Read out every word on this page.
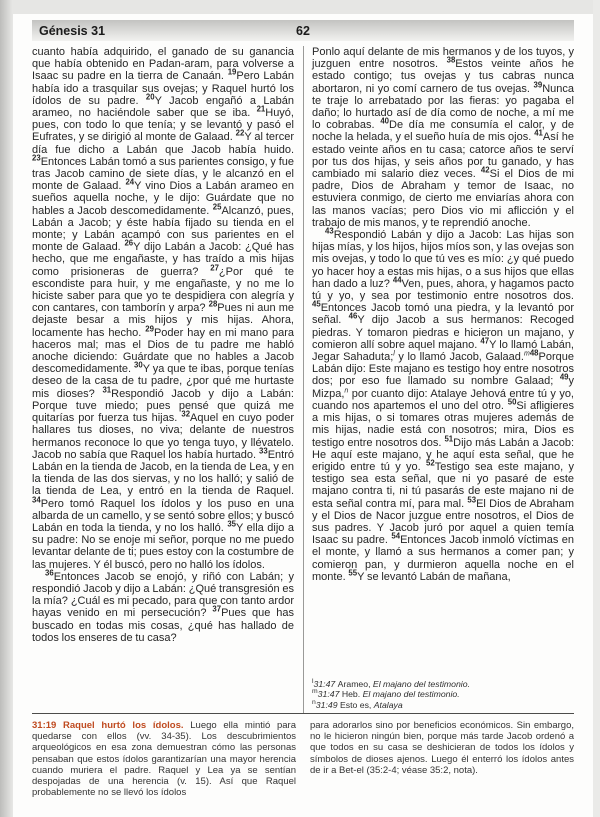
Génesis 31	62

cuanto había adquirido, el ganado de su ganancia que había obtenido en Padan-aram, para volverse a Isaac su padre en la tierra de Canaán. $^{19}$Pero Labán había ido a trasquilar sus ovejas; y Raquel hurtó los ídolos de su padre. $^{20}$Y Jacob engañó a Labán arameo, no haciéndole saber que se iba. $^{21}$Huyó, pues, con todo lo que tenía; y se levantó y pasó el Eufrates, y se dirigió al monte de Galaad. $^{22}$Y al tercer día fue dicho a Labán que Jacob había huido. $^{23}$Entonces Labán tomó a sus parientes consigo, y fue tras Jacob camino de siete días, y le alcanzó en el monte de Galaad. $^{24}$Y vino Dios a Labán arameo en sueños aquella noche, y le dijo: Guárdate que no hables a Jacob descomedidamente. $^{25}$Alcanzó, pues, Labán a Jacob; y éste había fijado su tienda en el monte; y Labán acampó con sus parientes en el monte de Galaad. $^{26}$Y dijo Labán a Jacob: ¿Qué has hecho, que me engañaste, y has traído a mis hijas como prisioneras de guerra? $^{27}$¿Por qué te escondiste para huir, y me engañaste, y no me lo hiciste saber para que yo te despidiera con alegría y con cantares, con tamborín y arpa? $^{28}$Pues ni aun me dejaste besar a mis hijos y mis hijas. Ahora, locamente has hecho. $^{29}$Poder hay en mi mano para haceros mal; mas el Dios de tu padre me habló anoche diciendo: Guárdate que no hables a Jacob descomedidamente. $^{30}$Y ya que te ibas, porque tenías deseo de la casa de tu padre, ¿por qué me hurtaste mis dioses? $^{31}$Respondió Jacob y dijo a Labán: Porque tuve miedo; pues pensé que quizá me quitarías por fuerza tus hijas. $^{32}$Aquel en cuyo poder hallares tus dioses, no viva; delante de nuestros hermanos reconoce lo que yo tenga tuyo, y llévatelo. Jacob no sabía que Raquel los había hurtado. $^{33}$Entró Labán en la tienda de Jacob, en la tienda de Lea, y en la tienda de las dos siervas, y no los halló; y salió de la tienda de Lea, y entró en la tienda de Raquel. $^{34}$Pero tomó Raquel los ídolos y los puso en una albarda de un camello, y se sentó sobre ellos; y buscó Labán en toda la tienda, y no los halló. $^{35}$Y ella dijo a su padre: No se enoje mi señor, porque no me puedo levantar delante de ti; pues estoy con la costumbre de las mujeres. Y él buscó, pero no halló los ídolos.

$^{36}$Entonces Jacob se enojó, y riñó con Labán; y respondió Jacob y dijo a Labán: ¿Qué transgresión es la mía? ¿Cuál es mi pecado, para que con tanto ardor hayas venido en mi persecución? $^{37}$Pues que has buscado en todas mis cosas, ¿qué has hallado de todos los enseres de tu casa?

Ponlo aquí delante de mis hermanos y de los tuyos, y juzguen entre nosotros. $^{38}$Estos veinte años he estado contigo; tus ovejas y tus cabras nunca abortaron, ni yo comí carnero de tus ovejas. $^{39}$Nunca te traje lo arrebatado por las fieras: yo pagaba el daño; lo hurtado así de día como de noche, a mí me lo cobrabas. $^{40}$De día me consumía el calor, y de noche la helada, y el sueño huía de mis ojos. $^{41}$Así he estado veinte años en tu casa; catorce años te serví por tus dos hijas, y seis años por tu ganado, y has cambiado mi salario diez veces. $^{42}$Si el Dios de mi padre, Dios de Abraham y temor de Isaac, no estuviera conmigo, de cierto me enviarías ahora con las manos vacías; pero Dios vio mi aflicción y el trabajo de mis manos, y te reprendió anoche.

$^{43}$Respondió Labán y dijo a Jacob: Las hijas son hijas mías, y los hijos, hijos míos son, y las ovejas son mis ovejas, y todo lo que tú ves es mío: ¿y qué puedo yo hacer hoy a estas mis hijas, o a sus hijos que ellas han dado a luz? $^{44}$Ven, pues, ahora, y hagamos pacto tú y yo, y sea por testimonio entre nosotros dos. $^{45}$Entonces Jacob tomó una piedra, y la levantó por señal. $^{46}$Y dijo Jacob a sus hermanos: Recoged piedras. Y tomaron piedras e hicieron un majano, y comieron allí sobre aquel majano. $^{47}$Y lo llamó Labán, Jegar Sahaduta;$^l$ y lo llamó Jacob, Galaad.$^{m48}$Porque Labán dijo: Este majano es testigo hoy entre nosotros dos; por eso fue llamado su nombre Galaad; $^{49}$y Mizpa,$^n$ por cuanto dijo: Atalaye Jehová entre tú y yo, cuando nos apartemos el uno del otro. $^{50}$Si afligieres a mis hijas, o si tomares otras mujeres además de mis hijas, nadie está con nosotros; mira, Dios es testigo entre nosotros dos. $^{51}$Dijo más Labán a Jacob: He aquí este majano, y he aquí esta señal, que he erigido entre tú y yo. $^{52}$Testigo sea este majano, y testigo sea esta señal, que ni yo pasaré de este majano contra ti, ni tú pasarás de este majano ni de esta señal contra mí, para mal. $^{53}$El Dios de Abraham y el Dios de Nacor juzgue entre nosotros, el Dios de sus padres. Y Jacob juró por aquel a quien temía Isaac su padre. $^{54}$Entonces Jacob inmoló víctimas en el monte, y llamó a sus hermanos a comer pan; y comieron pan, y durmieron aquella noche en el monte. $^{55}$Y se levantó Labán de mañana,

$^l$31:47 Arameo, El majano del testimonio.
$^m$31:47 Heb. El majano del testimonio.
$^n$31:49 Esto es, Atalaya

31:19 Raquel hurtó los ídolos. Luego ella mintió para quedarse con ellos (vv. 34-35). Los descubrimientos arqueológicos en esa zona demuestran cómo las personas pensaban que estos ídolos garantizarían una mayor herencia cuando muriera el padre. Raquel y Lea ya se sentían despojadas de una herencia (v. 15). Así que Raquel probablemente no se llevó los ídolos

para adorarlos sino por beneficios económicos. Sin embargo, no le hicieron ningún bien, porque más tarde Jacob ordenó a que todos en su casa se deshicieran de todos los ídolos y símbolos de dioses ajenos. Luego él enterró los ídolos antes de ir a Bet-el (35:2-4; véase 35:2, nota).
